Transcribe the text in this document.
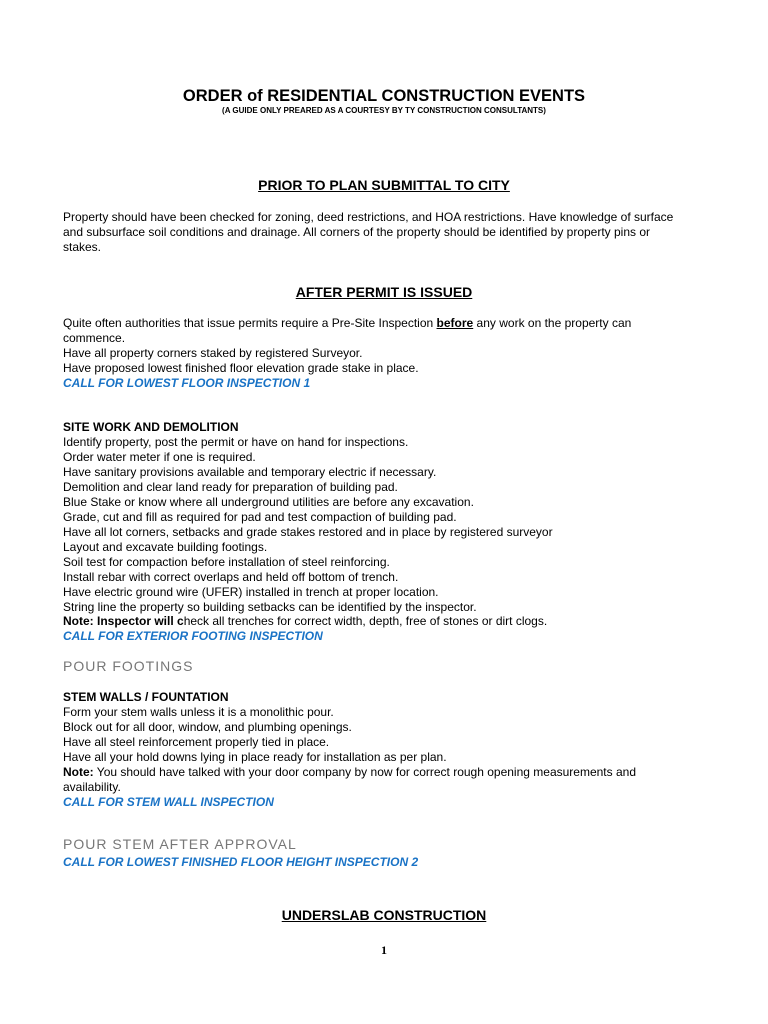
ORDER of RESIDENTIAL CONSTRUCTION EVENTS
(A GUIDE ONLY PREARED AS A COURTESY BY TY CONSTRUCTION CONSULTANTS)
PRIOR TO PLAN SUBMITTAL TO CITY
Property should have been checked for zoning, deed restrictions, and HOA restrictions. Have knowledge of surface
and subsurface soil conditions and drainage. All corners of the property should be identified by property pins or
stakes.
AFTER PERMIT IS ISSUED
Quite often authorities that issue permits require a Pre-Site Inspection before any work on the property can
commence.
Have all property corners staked by registered Surveyor.
Have proposed lowest finished floor elevation grade stake in place.
CALL FOR LOWEST FLOOR INSPECTION 1
SITE WORK AND DEMOLITION
Identify property, post the permit or have on hand for inspections.
Order water meter if one is required.
Have sanitary provisions available and temporary electric if necessary.
Demolition and clear land ready for preparation of building pad.
Blue Stake or know where all underground utilities are before any excavation.
Grade, cut and fill as required for pad and test compaction of building pad.
Have all lot corners, setbacks and grade stakes restored and in place by registered surveyor
Layout and excavate building footings.
Soil test for compaction before installation of steel reinforcing.
Install rebar with correct overlaps and held off bottom of trench.
Have electric ground wire (UFER) installed in trench at proper location.
String line the property so building setbacks can be identified by the inspector.
Note: Inspector will check all trenches for correct width, depth, free of stones or dirt clogs.
CALL FOR EXTERIOR FOOTING INSPECTION
POUR FOOTINGS
STEM WALLS / FOUNTATION
Form your stem walls unless it is a monolithic pour.
Block out for all door, window, and plumbing openings.
Have all steel reinforcement properly tied in place.
Have all your hold downs lying in place ready for installation as per plan.
Note: You should have talked with your door company by now for correct rough opening measurements and
availability.
CALL FOR STEM WALL INSPECTION
POUR STEM AFTER APPROVAL
CALL FOR LOWEST FINISHED FLOOR HEIGHT INSPECTION 2
UNDERSLAB CONSTRUCTION
1
